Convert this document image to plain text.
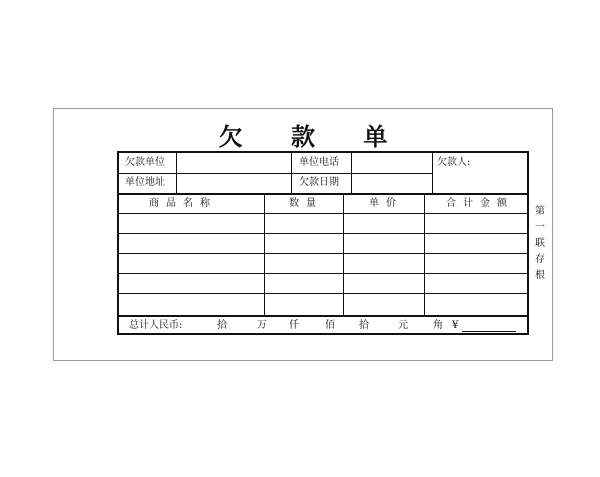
欠 款 单
欠款单位	单位电话	欠款人:
单位地址	欠款日期
商品名称	数量	单价	合计金额
总计人民币:	拾	万 仟	佰 拾	元	角 ¥
第一联存根
